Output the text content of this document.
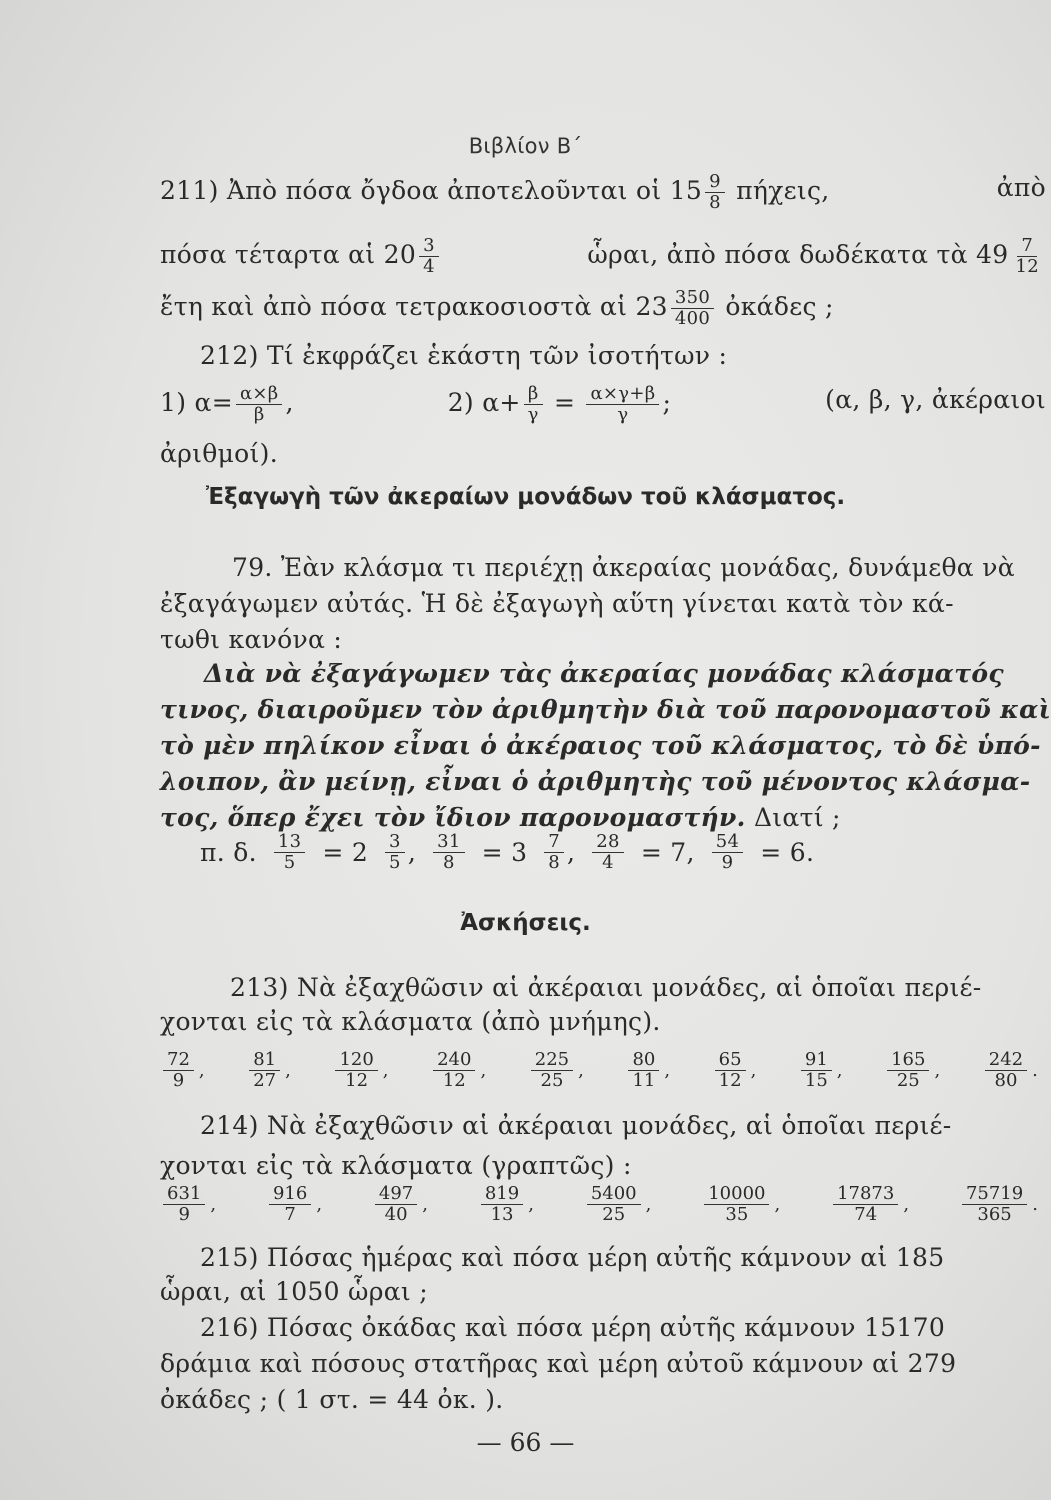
Βιβλίον Β΄
211) Ἀπὸ πόσα ὄγδοα ἀποτελοῦνται οἱ $15 \frac{9}{8} \pi ή\chi\varepsilon\iota\varsigma$,	ἀπὸ
πόσα τέταρτα αἱ $20 \frac{3}{4}$	ὧραι, ἀπὸ πόσα δωδέκατα τὰ $49 \frac{7}{12}$
ἔτη καὶ ἀπὸ πόσα τετρακοσιοστὰ αἱ $23 \frac{350}{400}$ ὀκάδες ;
212) Τί ἐκφράζει ἑκάστη τῶν ἰσοτήτων :
1) $\alpha= \frac{\alpha\times\beta}{\beta}$ ,	2) $\alpha+ \frac{\beta}{\gamma} = \frac{\alpha\times\gamma+\beta}{\gamma}$ ;	(α, β, γ, ἀκέραιοι
ἀριθμοί).
Ἐξαγωγὴ τῶν ἀκεραίων μονάδων τοῦ κλάσματος.
79. Ἐὰν κλάσμα τι περιέχῃ ἀκεραίας μονάδας, δυνάμεθα νὰ
ἐξαγάγωμεν αὐτάς. Ἡ δὲ ἐξαγωγὴ αὕτη γίνεται κατὰ τὸν κά-
τωθι κανόνα :
Διὰ νὰ ἐξαγάγωμεν τὰς ἀκεραίας μονάδας κλάσματός
τινος, διαιροῦμεν τὸν ἀριθμητὴν διὰ τοῦ παρονομαστοῦ καὶ
τὸ μὲν πηλίκον εἶναι ὁ ἀκέραιος τοῦ κλάσματος, τὸ δὲ ὑπό-
λοιπον, ἂν μείνῃ, εἶναι ὁ ἀριθμητὴς τοῦ μένοντος κλάσμα-
τος, ὅπερ ἔχει τὸν ἴδιον παρονομαστήν. Διατί ;
π. δ. $\frac{13}{5} = 2$ 3
5 , $\frac{31}{8} = 3$ 7
8 , $\frac{28}{4} = 7$, $\frac{54}{9} = 6$.
Ἀσκήσεις.
213) Νὰ ἐξαχθῶσιν αἱ ἀκέραιαι μονάδες, αἱ ὁποῖαι περιέ-
χονται εἰς τὰ κλάσματα (ἀπὸ μνήμης).
72
9 ,
81
27 ,
120
12 ,
240
12 ,
225
25 ,
80
11 ,
65
12 ,
91
15 ,
165
25 ,
242
80 .
214) Νὰ ἐξαχθῶσιν αἱ ἀκέραιαι μονάδες, αἱ ὁποῖαι περιέ-
χονται εἰς τὰ κλάσματα (γραπτῶς) :
631
9 ,
916
7 ,
497
40 ,
819
13 ,
5400
25 ,
10000
35 ,
17873
74 ,
75719
365 .
215) Πόσας ἡμέρας καὶ πόσα μέρη αὐτῆς κάμνουν αἱ 185
ὧραι, αἱ 1050 ὧραι ;
216) Πόσας ὀκάδας καὶ πόσα μέρη αὐτῆς κάμνουν 15170
δράμια καὶ πόσους στατῆρας καὶ μέρη αὐτοῦ κάμνουν αἱ 279
ὀκάδες ; ( 1 στ. = 44 ὀκ. ).
— 66 —
